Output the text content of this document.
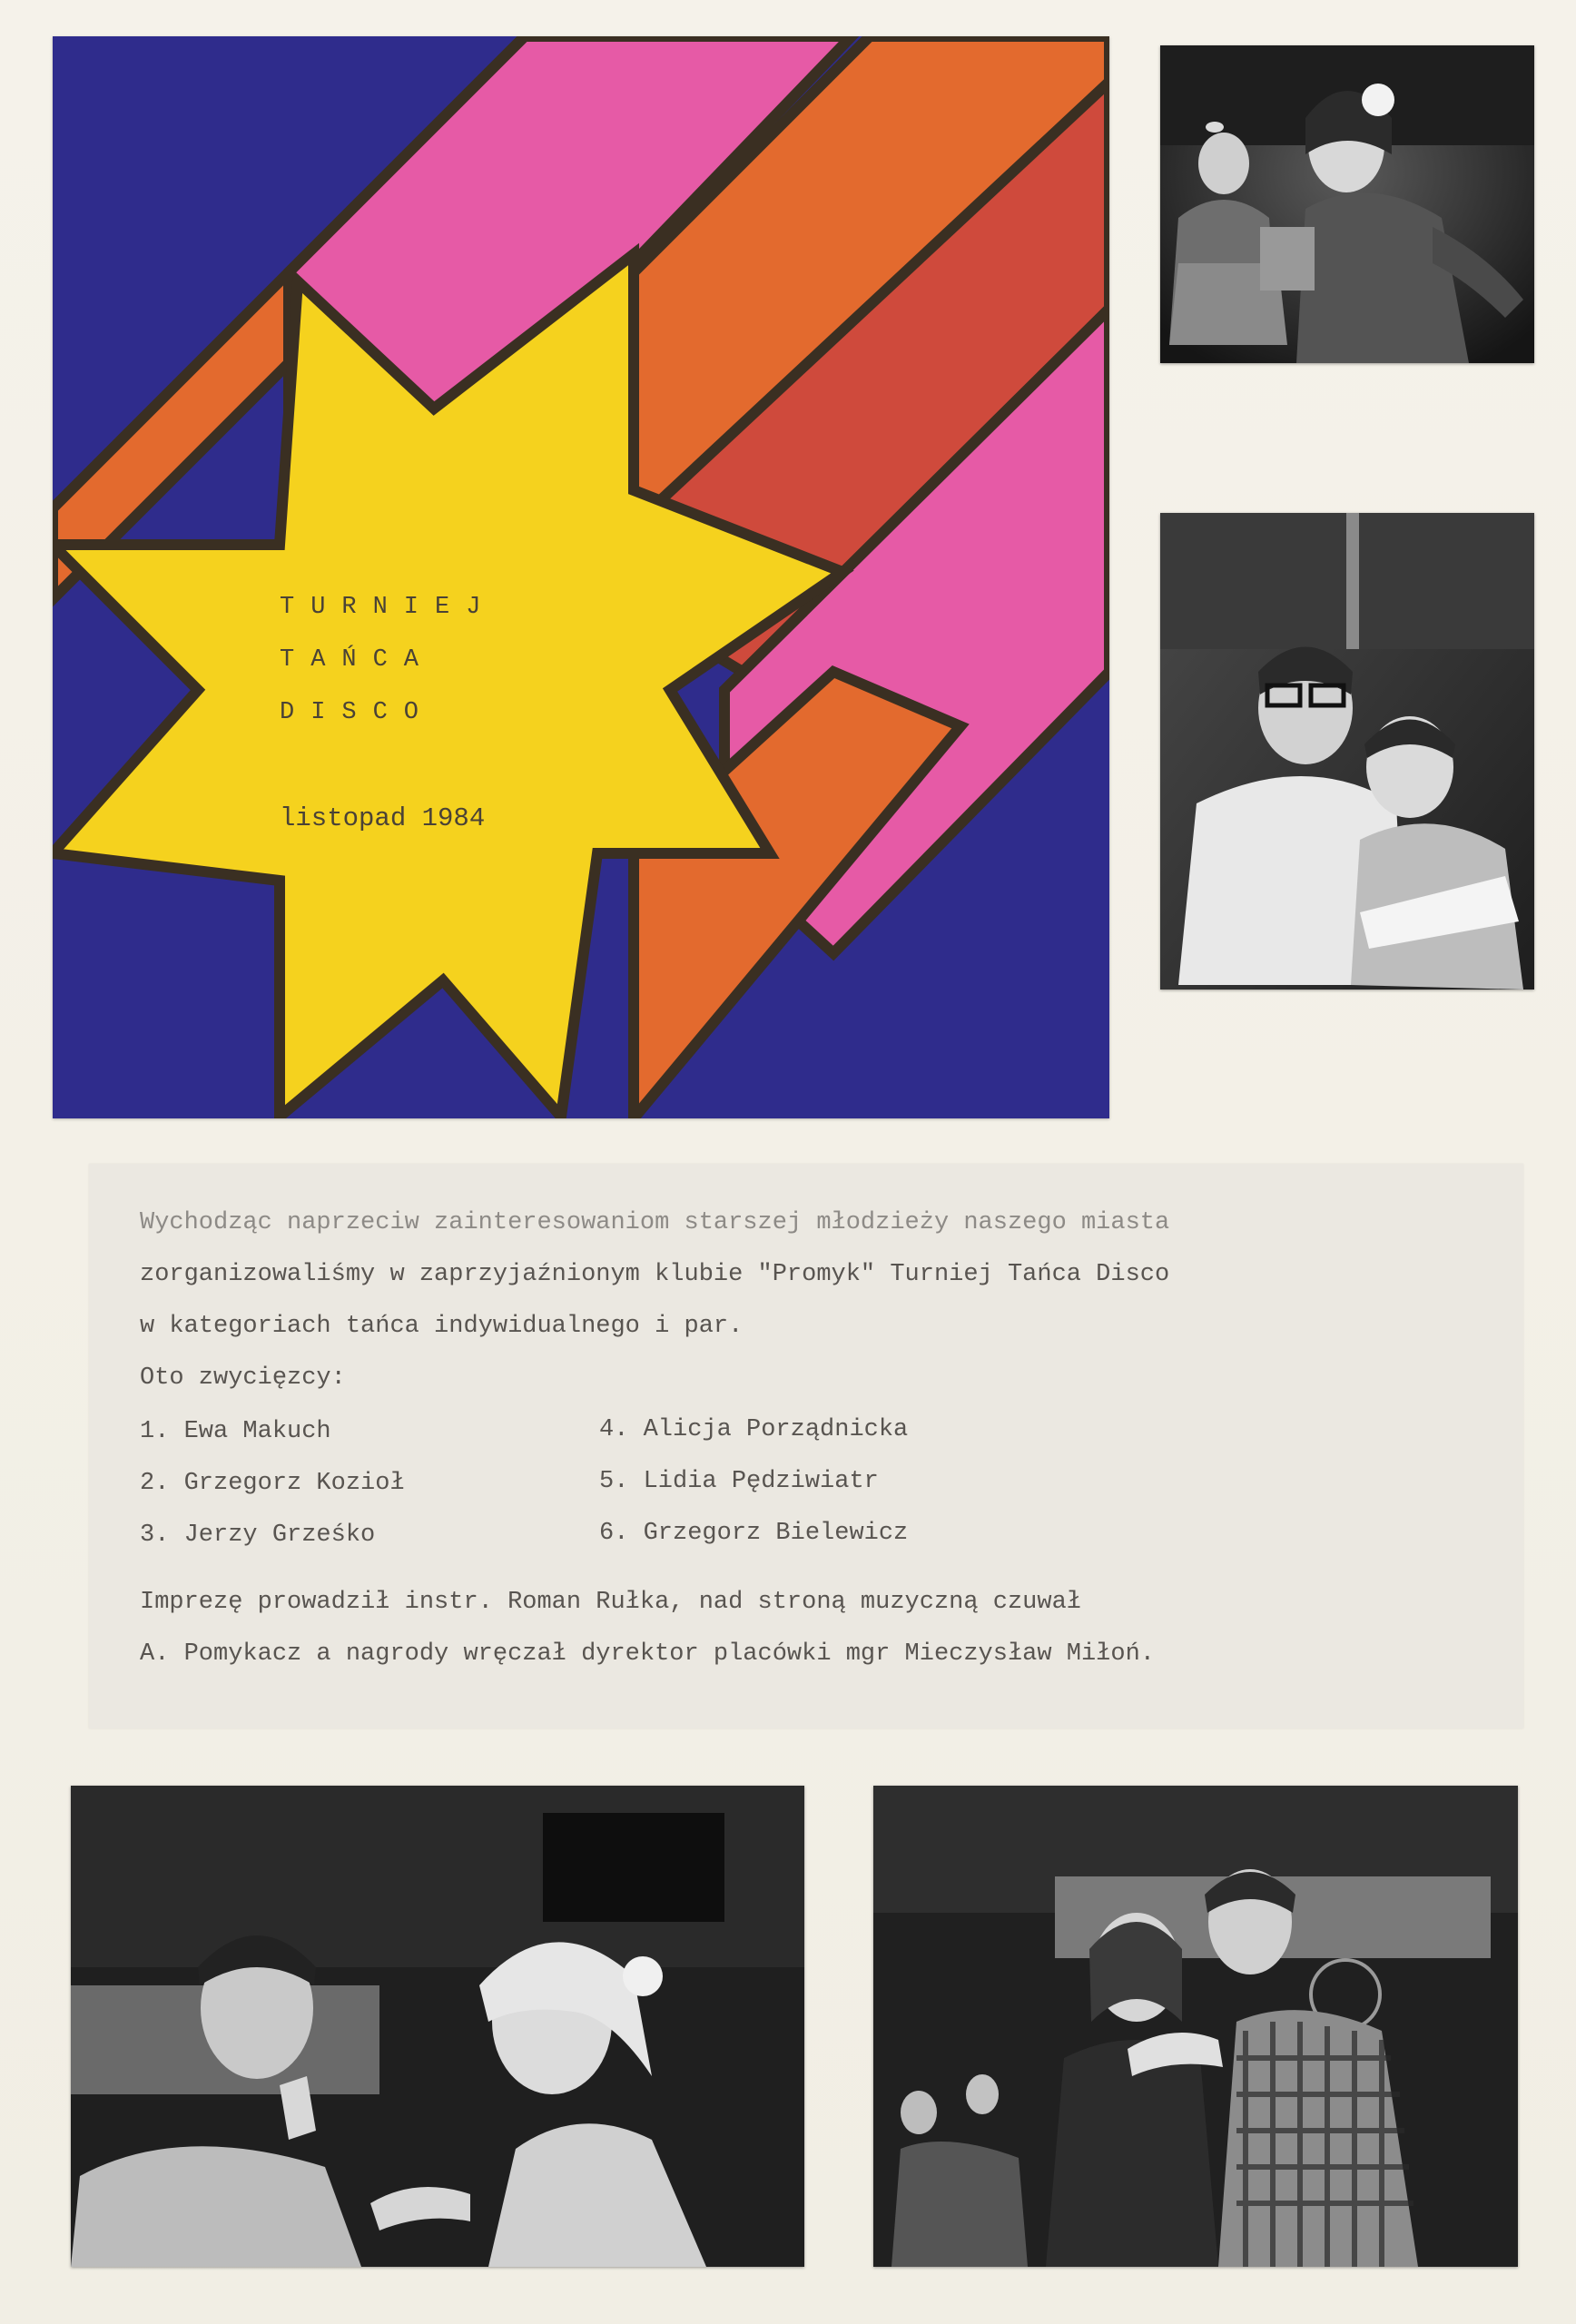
TURNIEJ
TAŃCA
DISCO
listopad 1984
Wychodząc naprzeciw zainteresowaniom starszej młodzieży naszego miasta
zorganizowaliśmy w zaprzyjaźnionym klubie "Promyk" Turniej Tańca Disco
w kategoriach tańca indywidualnego i par.
Oto zwycięzcy:
1. Ewa Makuch
2. Grzegorz Kozioł
3. Jerzy Grześko
4. Alicja Porządnicka
5. Lidia Pędziwiatr
6. Grzegorz Bielewicz
Imprezę prowadził instr. Roman Rułka, nad stroną muzyczną czuwał
A. Pomykacz a nagrody wręczał dyrektor placówki mgr Mieczysław Miłoń.
